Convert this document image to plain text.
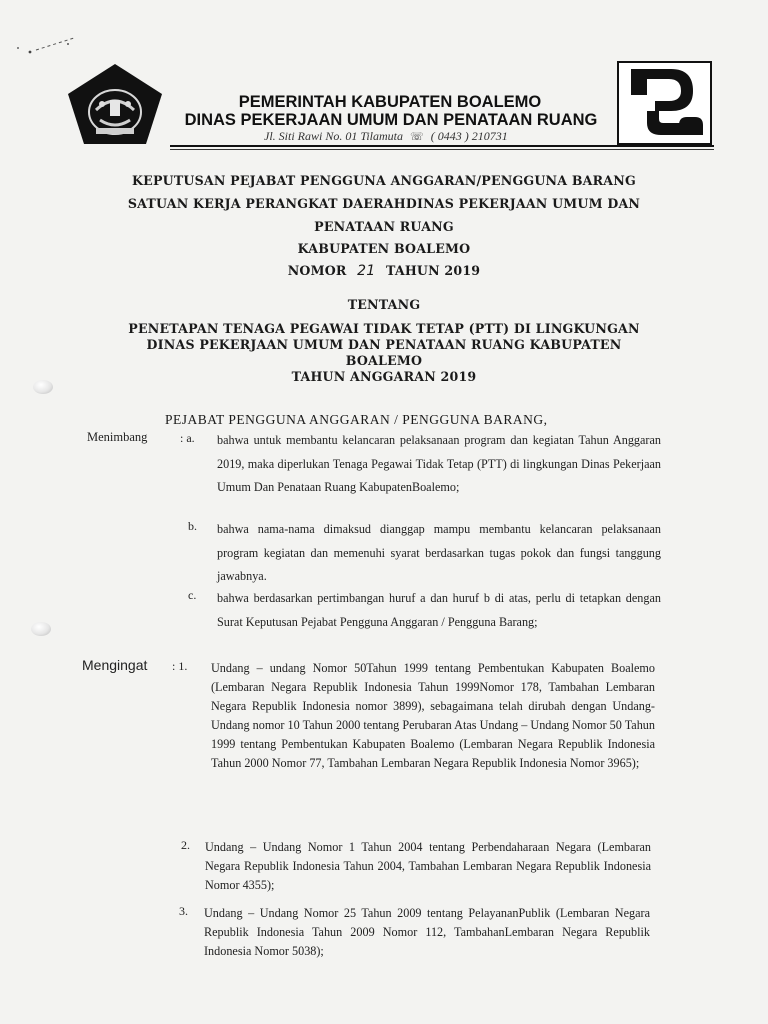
PEMERINTAH KABUPATEN BOALEMO
DINAS PEKERJAAN UMUM DAN PENATAAN RUANG
Jl. Siti Rawi No. 01 Tilamuta ☏ ( 0443 ) 210731
KEPUTUSAN PEJABAT PENGGUNA ANGGARAN/PENGGUNA BARANG
SATUAN KERJA PERANGKAT DAERAHDINAS PEKERJAAN UMUM DAN
PENATAAN RUANG
KABUPATEN BOALEMO
NOMOR 21 TAHUN 2019
TENTANG
PENETAPAN TENAGA PEGAWAI TIDAK TETAP (PTT) DI LINGKUNGAN
DINAS PEKERJAAN UMUM DAN PENATAAN RUANG KABUPATEN
BOALEMO
TAHUN ANGGARAN 2019
PEJABAT PENGGUNA ANGGARAN / PENGGUNA BARANG,
Menimbang	: a. bahwa untuk membantu kelancaran pelaksanaan program dan kegiatan Tahun Anggaran 2019, maka diperlukan Tenaga Pegawai Tidak Tetap (PTT) di lingkungan Dinas Pekerjaan Umum Dan Penataan Ruang KabupatenBoalemo;
b. bahwa nama-nama dimaksud dianggap mampu membantu kelancaran pelaksanaan program kegiatan dan memenuhi syarat berdasarkan tugas pokok dan fungsi tanggung jawabnya.
c. bahwa berdasarkan pertimbangan huruf a dan huruf b di atas, perlu di tetapkan dengan Surat Keputusan Pejabat Pengguna Anggaran / Pengguna Barang;
Mengingat : 1. Undang – undang Nomor 50Tahun 1999 tentang Pembentukan Kabupaten Boalemo (Lembaran Negara Republik Indonesia Tahun 1999Nomor 178, Tambahan Lembaran Negara Republik Indonesia nomor 3899), sebagaimana telah dirubah dengan Undang-Undang nomor 10 Tahun 2000 tentang Perubaran Atas Undang – Undang Nomor 50 Tahun 1999 tentang Pembentukan Kabupaten Boalemo (Lembaran Negara Republik Indonesia Tahun 2000 Nomor 77, Tambahan Lembaran Negara Republik Indonesia Nomor 3965);
2. Undang – Undang Nomor 1 Tahun 2004 tentang Perbendaharaan Negara (Lembaran Negara Republik Indonesia Tahun 2004, Tambahan Lembaran Negara Republik Indonesia Nomor 4355);
3. Undang – Undang Nomor 25 Tahun 2009 tentang PelayananPublik (Lembaran Negara Republik Indonesia Tahun 2009 Nomor 112, TambahanLembaran Negara Republik Indonesia Nomor 5038);
